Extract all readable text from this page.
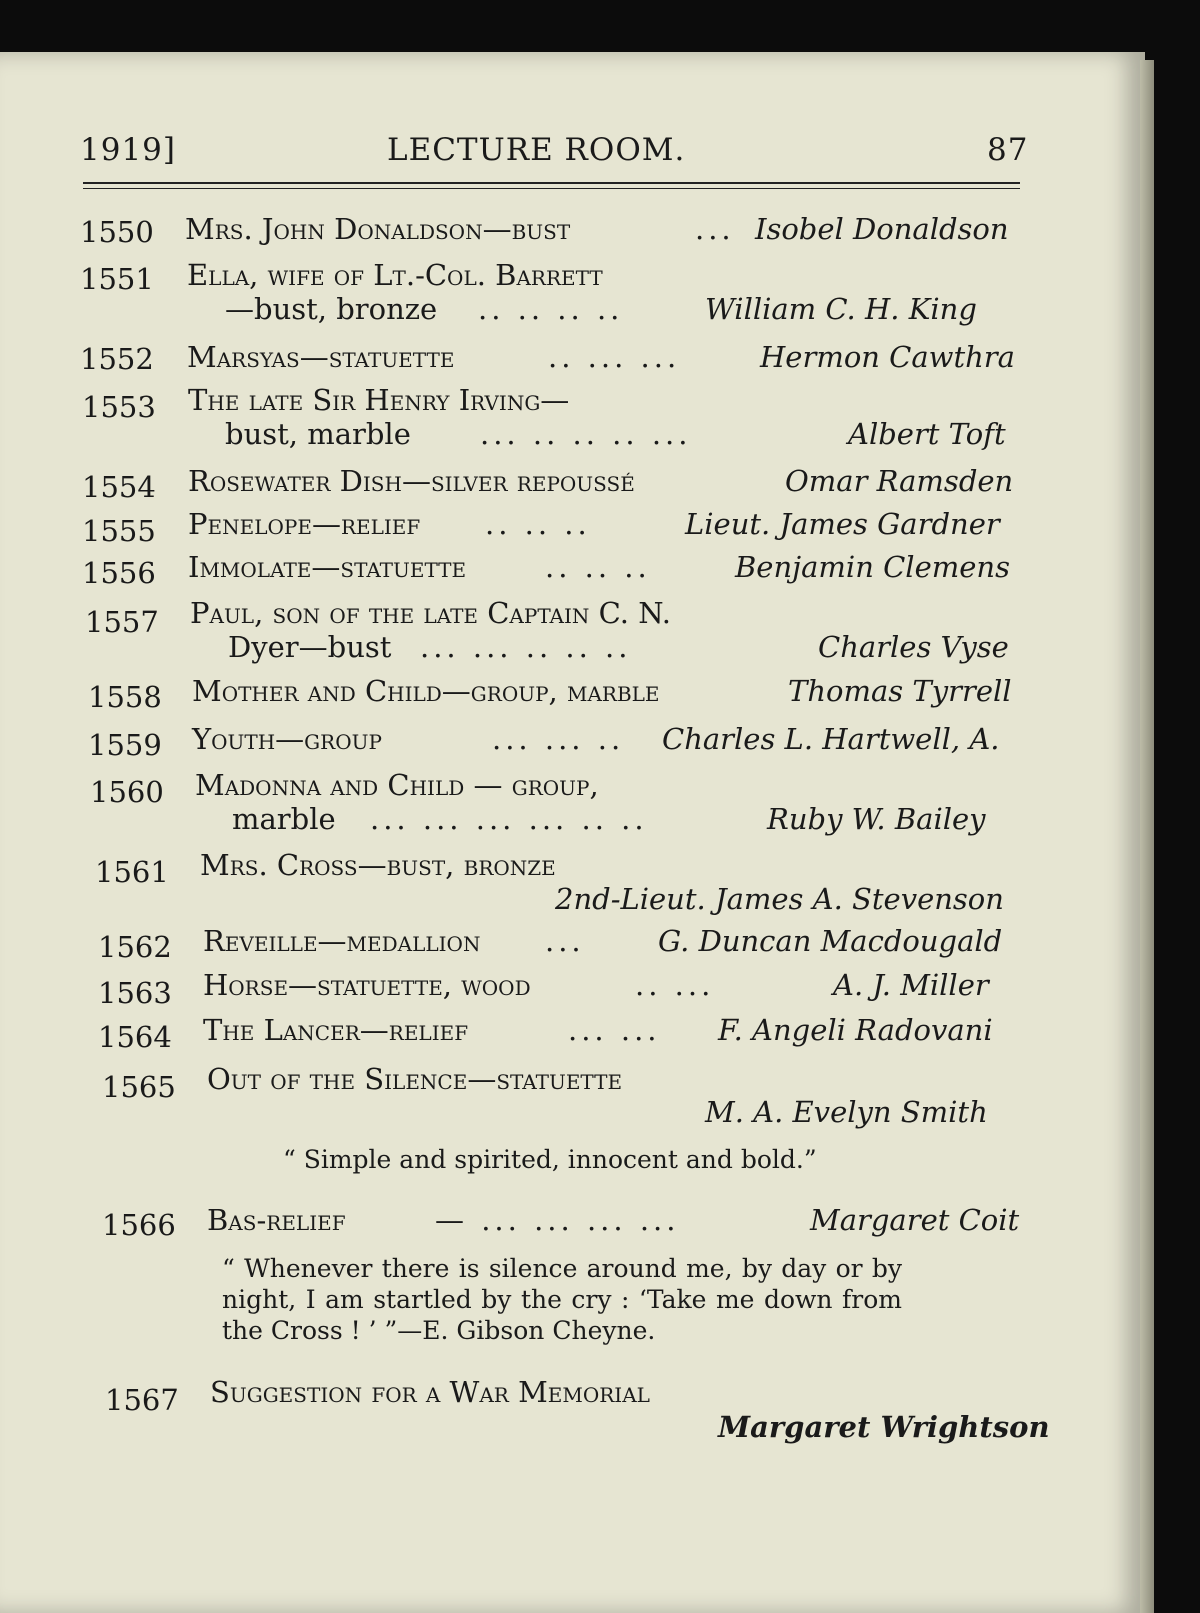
1919]	LECTURE ROOM.	87
1550 Mrs. John Donaldson—bust	... Isobel Donaldson
1551 Ella, wife of Lt.-Col. Barrett
—bust, bronze .. .. .. ..	William C. H. King
1552 Marsyas—statuette	.. ... ...	Hermon Cawthra
1553 The late Sir Henry Irving—
bust, marble ... .. .. .. ...	Albert Toft
1554 Rosewater Dish—silver repoussé	Omar Ramsden
1555 Penelope—relief .. .. ..	Lieut. James Gardner
1556 Immolate—statuette	.. .. ..	Benjamin Clemens
1557 Paul, son of the late Captain C. N.
Dyer—bust ... ... .. .. ..	Charles Vyse
1558 Mother and Child—group, marble	Thomas Tyrrell
1559 Youth—group	... ... .. Charles L. Hartwell, A.
1560 Madonna and Child — group,
marble ... ... ... ... .. ..	Ruby W. Bailey
1561 Mrs. Cross—bust, bronze
2nd-Lieut. James A. Stevenson
1562 Reveille—medallion ...	G. Duncan Macdougald
1563 Horse—statuette, wood	.. ...	A. J. Miller
1564 The Lancer—relief	... ... F. Angeli Radovani
1565 Out of the Silence—statuette
M. A. Evelyn Smith
“ Simple and spirited, innocent and bold.”
1566 Bas-relief	— ... ... ... ...	Margaret Coit
“ Whenever there is silence around me, by day or by night, I am startled by the cry : ‘Take me down from the Cross ! ’ ”—E. Gibson Cheyne.
1567 Suggestion for a War Memorial
Margaret Wrightson
